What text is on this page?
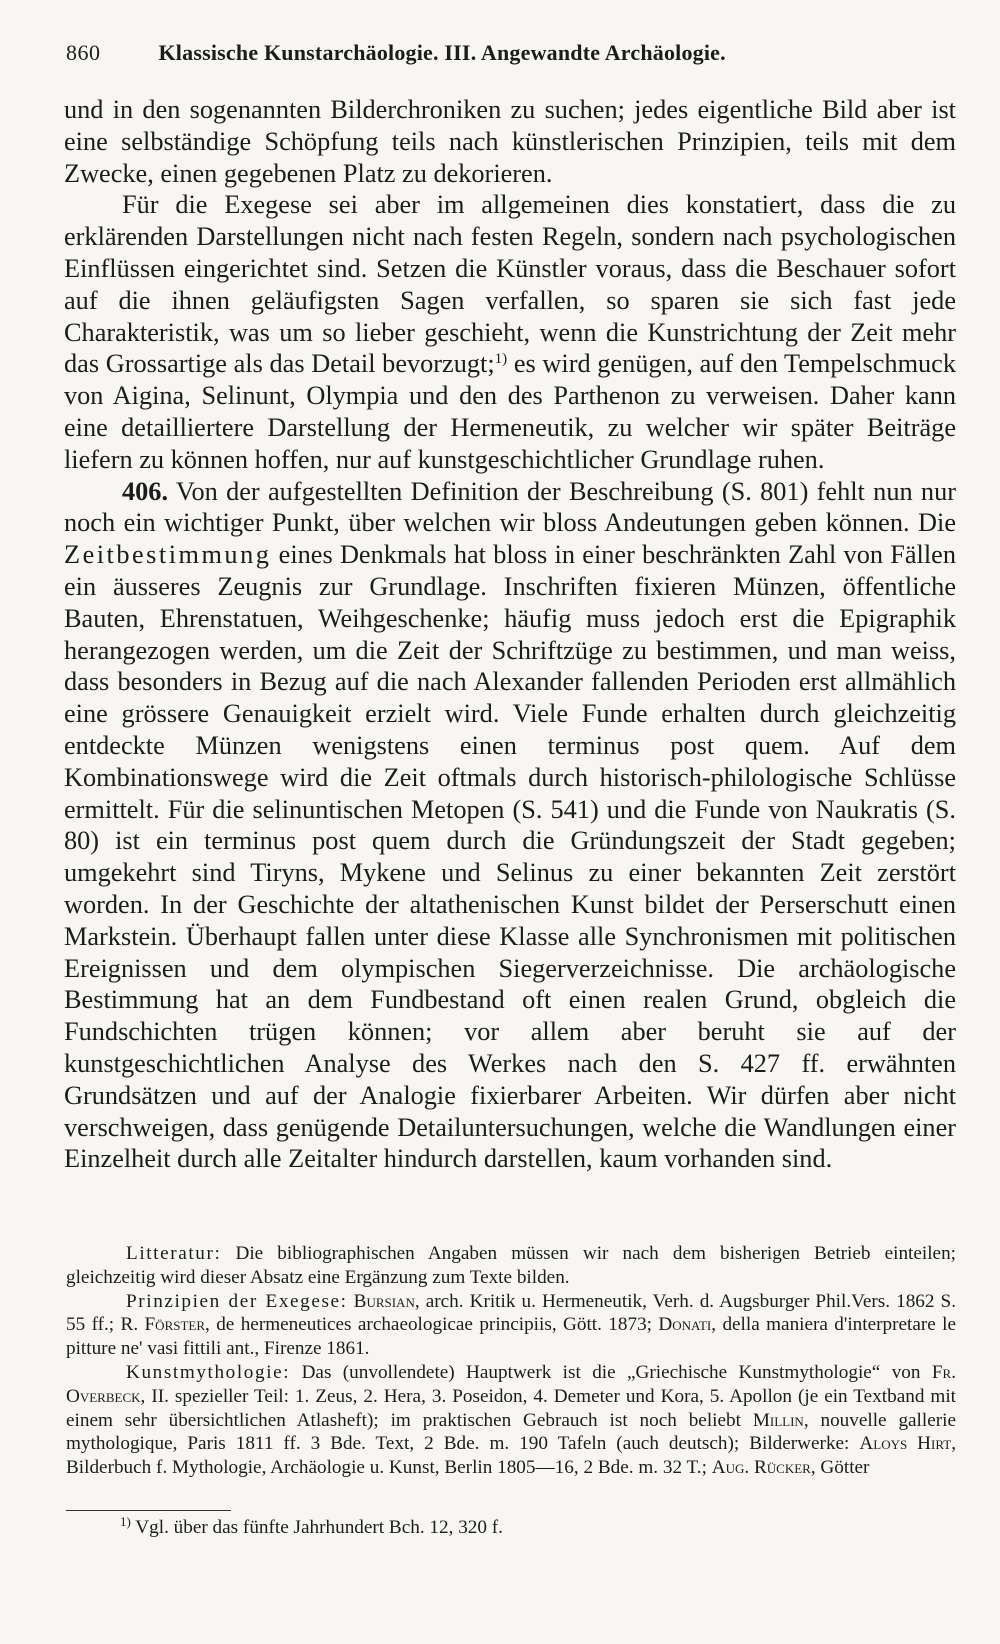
860	Klassische Kunstarchäologie. III. Angewandte Archäologie.

und in den sogenannten Bilderchroniken zu suchen; jedes eigentliche Bild aber ist eine selbständige Schöpfung teils nach künstlerischen Prinzipien, teils mit dem Zwecke, einen gegebenen Platz zu dekorieren.

Für die Exegese sei aber im allgemeinen dies konstatiert, dass die zu erklärenden Darstellungen nicht nach festen Regeln, sondern nach psychologischen Einflüssen eingerichtet sind. Setzen die Künstler voraus, dass die Beschauer sofort auf die ihnen geläufigsten Sagen verfallen, so sparen sie sich fast jede Charakteristik, was um so lieber geschieht, wenn die Kunstrichtung der Zeit mehr das Grossartige als das Detail bevorzugt;$^{1)}$ es wird genügen, auf den Tempelschmuck von Aigina, Selinunt, Olympia und den des Parthenon zu verweisen. Daher kann eine detailliertere Darstellung der Hermeneutik, zu welcher wir später Beiträge liefern zu können hoffen, nur auf kunstgeschichtlicher Grundlage ruhen.

406. Von der aufgestellten Definition der Beschreibung (S. 801) fehlt nun nur noch ein wichtiger Punkt, über welchen wir bloss Andeutungen geben können. Die Zeitbestimmung eines Denkmals hat bloss in einer beschränkten Zahl von Fällen ein äusseres Zeugnis zur Grundlage. Inschriften fixieren Münzen, öffentliche Bauten, Ehrenstatuen, Weihgeschenke; häufig muss jedoch erst die Epigraphik herangezogen werden, um die Zeit der Schriftzüge zu bestimmen, und man weiss, dass besonders in Bezug auf die nach Alexander fallenden Perioden erst allmählich eine grössere Genauigkeit erzielt wird. Viele Funde erhalten durch gleichzeitig entdeckte Münzen wenigstens einen terminus post quem. Auf dem Kombinationswege wird die Zeit oftmals durch historisch-philologische Schlüsse ermittelt. Für die selinuntischen Metopen (S. 541) und die Funde von Naukratis (S. 80) ist ein terminus post quem durch die Gründungszeit der Stadt gegeben; umgekehrt sind Tiryns, Mykene und Selinus zu einer bekannten Zeit zerstört worden. In der Geschichte der altathenischen Kunst bildet der Perserschutt einen Markstein. Überhaupt fallen unter diese Klasse alle Synchronismen mit politischen Ereignissen und dem olympischen Siegerverzeichnisse. Die archäologische Bestimmung hat an dem Fundbestand oft einen realen Grund, obgleich die Fundschichten trügen können; vor allem aber beruht sie auf der kunstgeschichtlichen Analyse des Werkes nach den S. 427 ff. erwähnten Grundsätzen und auf der Analogie fixierbarer Arbeiten. Wir dürfen aber nicht verschweigen, dass genügende Detailuntersuchungen, welche die Wandlungen einer Einzelheit durch alle Zeitalter hindurch darstellen, kaum vorhanden sind.

Litteratur: Die bibliographischen Angaben müssen wir nach dem bisherigen Betrieb einteilen; gleichzeitig wird dieser Absatz eine Ergänzung zum Texte bilden.

Prinzipien der Exegese: Bursian, arch. Kritik u. Hermeneutik, Verh. d. Augsburger Phil.Vers. 1862 S. 55 ff.; R. Förster, de hermeneutices archaeologicae principiis, Gött. 1873; Donati, della maniera d'interpretare le pitture ne' vasi fittili ant., Firenze 1861.

Kunstmythologie: Das (unvollendete) Hauptwerk ist die „Griechische Kunstmythologie“ von Fr. Overbeck, II. spezieller Teil: 1. Zeus, 2. Hera, 3. Poseidon, 4. Demeter und Kora, 5. Apollon (je ein Textband mit einem sehr übersichtlichen Atlasheft); im praktischen Gebrauch ist noch beliebt Millin, nouvelle gallerie mythologique, Paris 1811 ff. 3 Bde. Text, 2 Bde. m. 190 Tafeln (auch deutsch); Bilderwerke: Aloys Hirt, Bilderbuch f. Mythologie, Archäologie u. Kunst, Berlin 1805—16, 2 Bde. m. 32 T.; Aug. Rücker, Götter

$^{1)}$ Vgl. über das fünfte Jahrhundert Bch. 12, 320 f.
